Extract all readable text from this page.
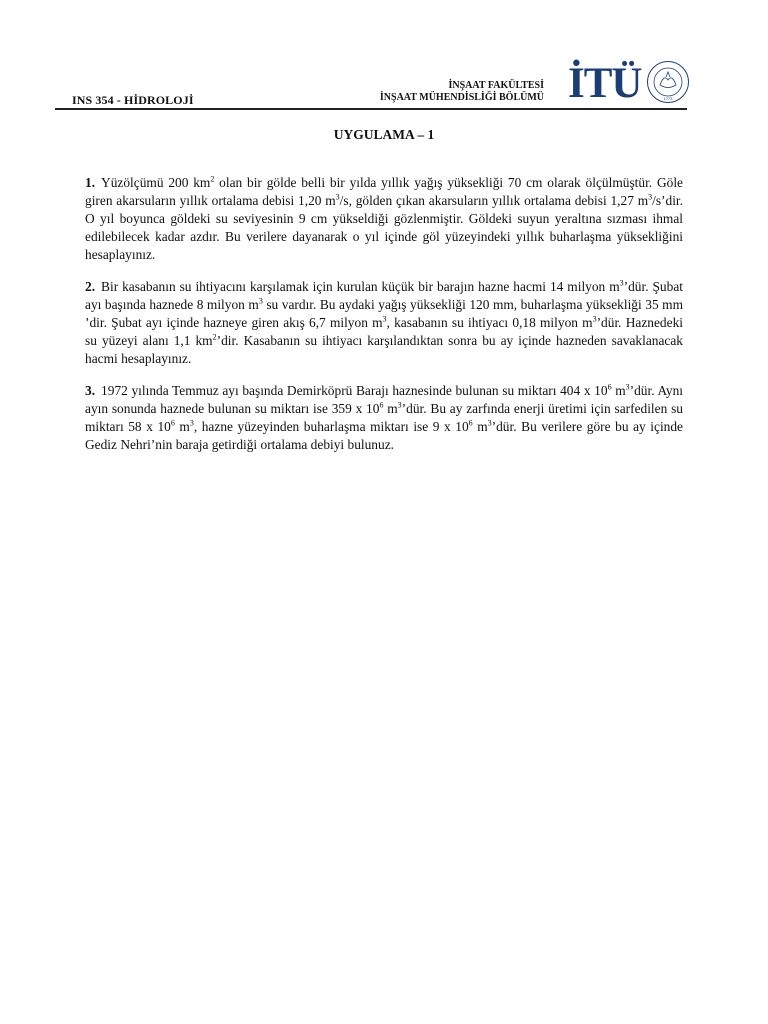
INS 354 - HİDROLOJİ
İNŞAAT FAKÜLTESİ
İNŞAAT MÜHENDİSLİĞİ BÖLÜMÜ İTÜ	1773
UYGULAMA – 1

1. Yüzölçümü 200 $km^2$ olan bir gölde belli bir yılda yıllık yağış yüksekliği 70 cm olarak ölçülmüştür. Göle giren akarsuların yıllık ortalama debisi 1,20 $m^3/s$, gölden çıkan akarsuların yıllık ortalama debisi 1,27 $m^3/s’dir$. O yıl boyunca göldeki su seviyesinin 9 cm yükseldiği gözlenmiştir. Göldeki suyun yeraltına sızması ihmal edilebilecek kadar azdır. Bu verilere dayanarak o yıl içinde göl yüzeyindeki yıllık buharlaşma yüksekliğini hesaplayınız.

2. Bir kasabanın su ihtiyacını karşılamak için kurulan küçük bir barajın hazne hacmi 14 milyon $m^3’dür$. Şubat ayı başında haznede 8 milyon $m^3$ su vardır. Bu aydaki yağış yüksekliği 120 mm, buharlaşma yüksekliği 35 mm ’dir. Şubat ayı içinde hazneye giren akış 6,7 milyon $m^3$, kasabanın su ihtiyacı 0,18 milyon $m^3’dür$. Haznedeki su yüzeyi alanı 1,1 $km^2’dir$. Kasabanın su ihtiyacı karşılandıktan sonra bu ay içinde hazneden savaklanacak hacmi hesaplayınız.

3. 1972 yılında Temmuz ayı başında Demirköprü Barajı haznesinde bulunan su miktarı 404 x $10^6$ $m^3’dür$. Aynı ayın sonunda haznede bulunan su miktarı ise 359 x $10^6$ $m^3’dür$. Bu ay zarfında enerji üretimi için sarfedilen su miktarı 58 x $10^6$ $m^3$, hazne yüzeyinden buharlaşma miktarı ise 9 x $10^6$ $m^3’dür$. Bu verilere göre bu ay içinde Gediz Nehri’nin baraja getirdiği ortalama debiyi bulunuz.
